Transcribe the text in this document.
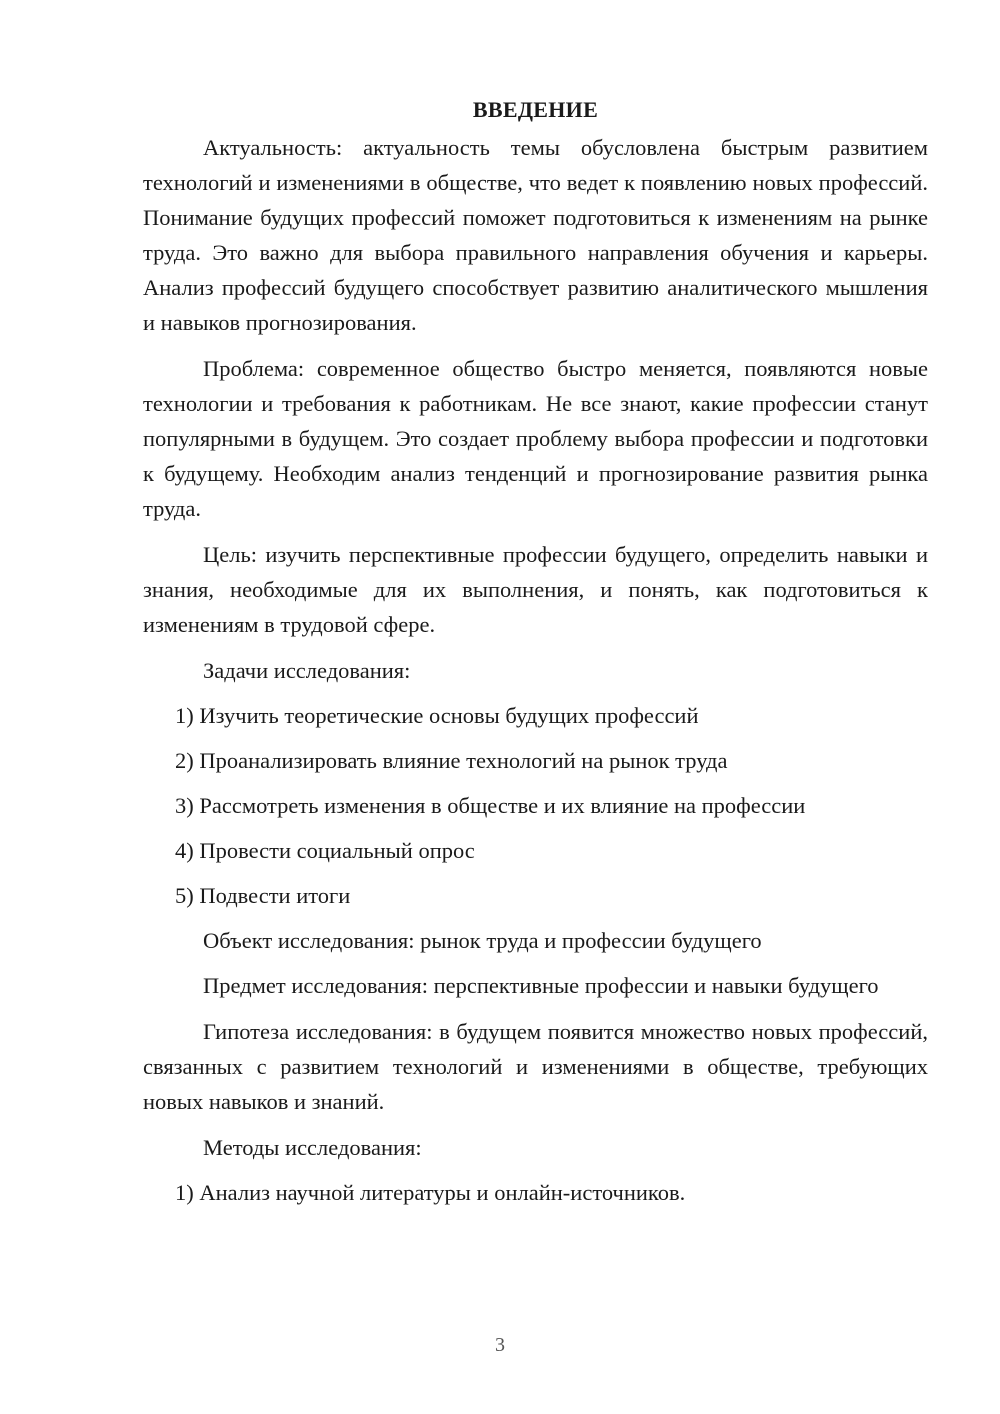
ВВЕДЕНИЕ

Актуальность: актуальность темы обусловлена быстрым развитием технологий и изменениями в обществе, что ведет к появлению новых профессий. Понимание будущих профессий поможет подготовиться к изменениям на рынке труда. Это важно для выбора правильного направления обучения и карьеры. Анализ профессий будущего способствует развитию аналитического мышления и навыков прогнозирования.

Проблема: современное общество быстро меняется, появляются новые технологии и требования к работникам. Не все знают, какие профессии станут популярными в будущем. Это создает проблему выбора профессии и подготовки к будущему. Необходим анализ тенденций и прогнозирование развития рынка труда.

Цель: изучить перспективные профессии будущего, определить навыки и знания, необходимые для их выполнения, и понять, как подготовиться к изменениям в трудовой сфере.

Задачи исследования:
1) Изучить теоретические основы будущих профессий
2) Проанализировать влияние технологий на рынок труда
3) Рассмотреть изменения в обществе и их влияние на профессии
4) Провести социальный опрос
5) Подвести итоги
Объект исследования: рынок труда и профессии будущего

Предмет исследования: перспективные профессии и навыки будущего

Гипотеза исследования: в будущем появится множество новых профессий, связанных с развитием технологий и изменениями в обществе, требующих новых навыков и знаний.

Методы исследования:
1) Анализ научной литературы и онлайн-источников.
3
